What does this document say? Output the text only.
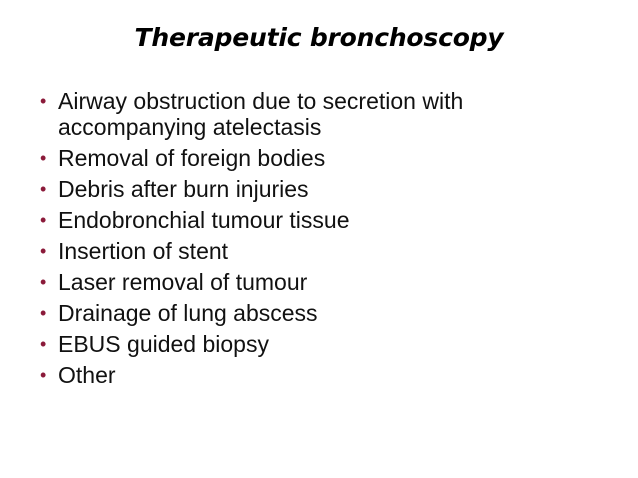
Therapeutic bronchoscopy
• Airway obstruction due to secretion with accompanying atelectasis
• Removal of foreign bodies
• Debris after burn injuries
• Endobronchial tumour tissue
• Insertion of stent
• Laser removal of tumour
• Drainage of lung abscess
• EBUS guided biopsy
• Other
